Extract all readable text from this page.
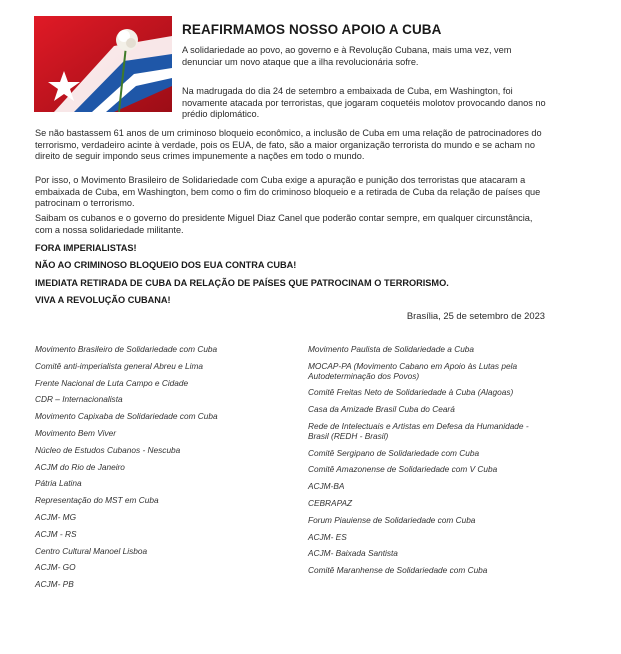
REAFIRMAMOS NOSSO APOIO A CUBA

A solidariedade ao povo, ao governo e à Revolução Cubana, mais uma vez, vem denunciar um novo ataque que a ilha revolucionária sofre.

Na madrugada do dia 24 de setembro a embaixada de Cuba, em Washington, foi novamente atacada por terroristas, que jogaram coquetéis molotov provocando danos no prédio diplomático.

Se não bastassem 61 anos de um criminoso bloqueio econômico, a inclusão de Cuba em uma relação de patrocinadores do terrorismo, verdadeiro acinte à verdade, pois os EUA, de fato, são a maior organização terrorista do mundo e se acham no direito de seguir impondo seus crimes impunemente a nações em todo o mundo.

Por isso, o Movimento Brasileiro de Solidariedade com Cuba exige a apuração e punição dos terroristas que atacaram a embaixada de Cuba, em Washington, bem como o fim do criminoso bloqueio e a retirada de Cuba da relação de países que patrocinam o terrorismo.

Saibam os cubanos e o governo do presidente Miguel Diaz Canel que poderão contar sempre, em qualquer circunstância, com a nossa solidariedade militante.

FORA IMPERIALISTAS!
NÃO AO CRIMINOSO BLOQUEIO DOS EUA CONTRA CUBA!
IMEDIATA RETIRADA DE CUBA DA RELAÇÃO DE PAÍSES QUE PATROCINAM O TERRORISMO.
VIVA A REVOLUÇÃO CUBANA!
Brasília, 25 de setembro de 2023

Movimento Brasileiro de Solidariedade com Cuba

Comitê anti-imperialista general Abreu e Lima

Frente Nacional de Luta Campo e Cidade

CDR – Internacionalista

Movimento Capixaba de Solidariedade com Cuba

Movimento Bem Viver

Núcleo de Estudos Cubanos - Nescuba

ACJM do Rio de Janeiro

Pátria Latina

Representação do MST em Cuba

ACJM- MG

ACJM - RS

Centro Cultural Manoel Lisboa

ACJM- GO

ACJM- PB

Movimento Paulista de Solidariedade a Cuba

MOCAP-PA (Movimento Cabano em Apoio às Lutas pela Autodeterminação dos Povos)

Comitê Freitas Neto de Solidariedade à Cuba (Alagoas)

Casa da Amizade Brasil Cuba do Ceará

Rede de Intelectuais e Artistas em Defesa da Humanidade - Brasil (REDH - Brasil)

Comitê Sergipano de Solidariedade com Cuba

Comitê Amazonense de Solidariedade com V Cuba

ACJM-BA

CEBRAPAZ

Forum Piauiense de Solidariedade com Cuba

ACJM- ES

ACJM- Baixada Santista

Comitê Maranhense de Solidariedade com Cuba
